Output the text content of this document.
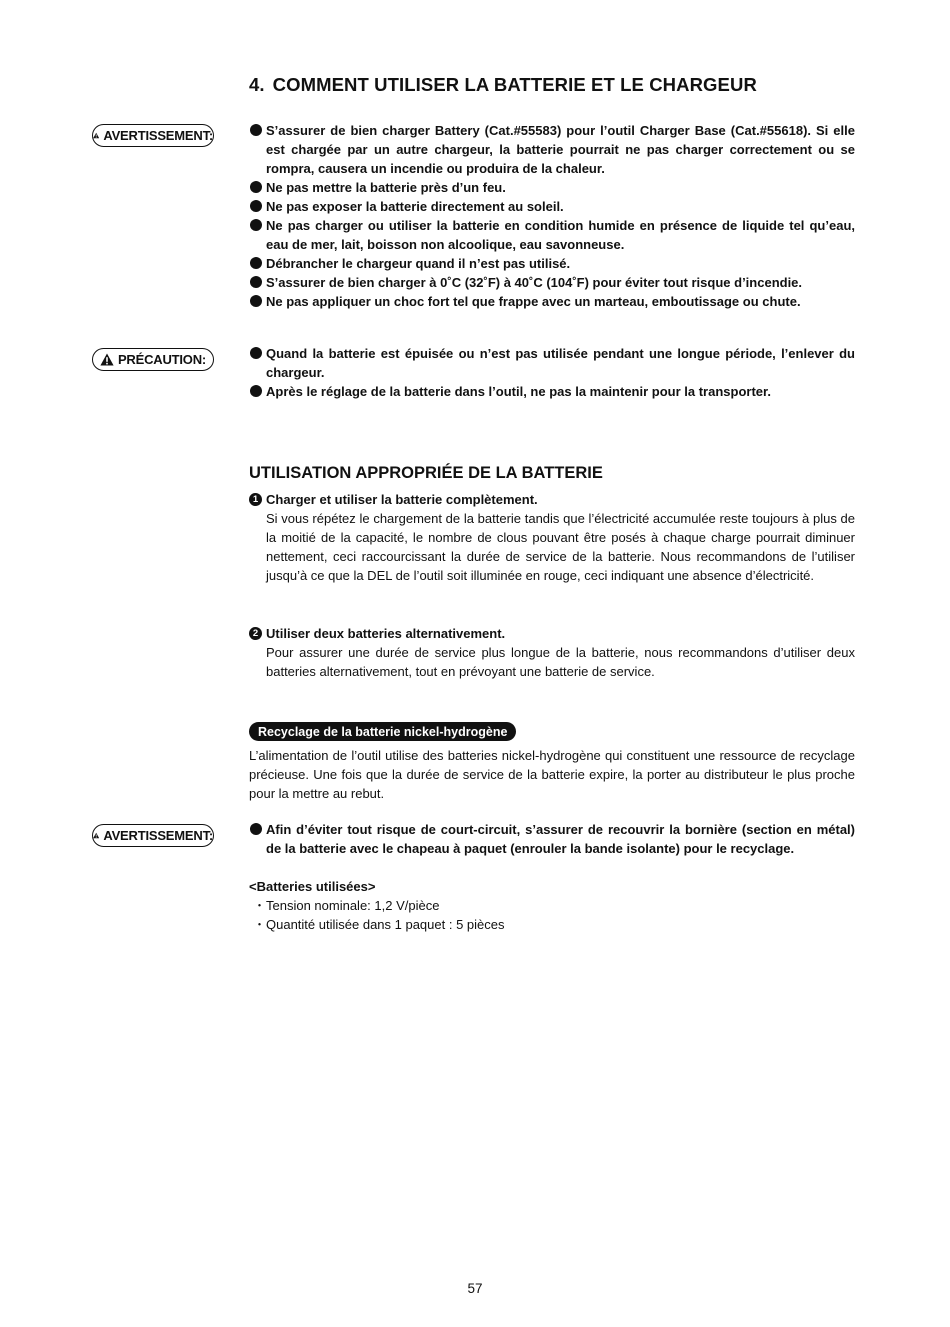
4. COMMENT UTILISER LA BATTERIE ET LE CHARGEUR
AVERTISSEMENT:	S’assurer de bien charger Battery (Cat.#55583) pour l’outil Charger Base (Cat.#55618). Si elle est chargée par un autre chargeur, la batterie pourrait ne pas charger correctement ou se rompra, causera un incendie ou produira de la chaleur.
Ne pas mettre la batterie près d’un feu.
Ne pas exposer la batterie directement au soleil.
Ne pas charger ou utiliser la batterie en condition humide en présence de liquide tel qu’eau, eau de mer, lait, boisson non alcoolique, eau savonneuse.
Débrancher le chargeur quand il n’est pas utilisé.
S’assurer de bien charger à 0˚C (32˚F) à 40˚C (104˚F) pour éviter tout risque d’incendie.
Ne pas appliquer un choc fort tel que frappe avec un marteau, emboutissage ou chute.
PRÉCAUTION:	Quand la batterie est épuisée ou n’est pas utilisée pendant une longue période, l’enlever du chargeur.
Après le réglage de la batterie dans l’outil, ne pas la maintenir pour la transporter.
UTILISATION APPROPRIÉE DE LA BATTERIE
1 Charger et utiliser la batterie complètement.
Si vous répétez le chargement de la batterie tandis que l’électricité accumulée reste toujours à plus de la moitié de la capacité, le nombre de clous pouvant être posés à chaque charge pourrait diminuer nettement, ceci raccourcissant la durée de service de la batterie. Nous recommandons de l’utiliser jusqu’à ce que la DEL de l’outil soit illuminée en rouge, ceci indiquant une absence d’électricité.
2 Utiliser deux batteries alternativement.
Pour assurer une durée de service plus longue de la batterie, nous recommandons d’utiliser deux batteries alternativement, tout en prévoyant une batterie de service.
Recyclage de la batterie nickel-hydrogène

L’alimentation de l’outil utilise des batteries nickel-hydrogène qui constituent une ressource de recyclage précieuse. Une fois que la durée de service de la batterie expire, la porter au distributeur le plus proche pour la mettre au rebut.

AVERTISSEMENT:	Afin d’éviter tout risque de court-circuit, s’assurer de recouvrir la bornière (section en métal) de la batterie avec le chapeau à paquet (enrouler la bande isolante) pour le recyclage.
<Batteries utilisées>
・ Tension nominale: 1,2 V/pièce
・ Quantité utilisée dans 1 paquet : 5 pièces
57
